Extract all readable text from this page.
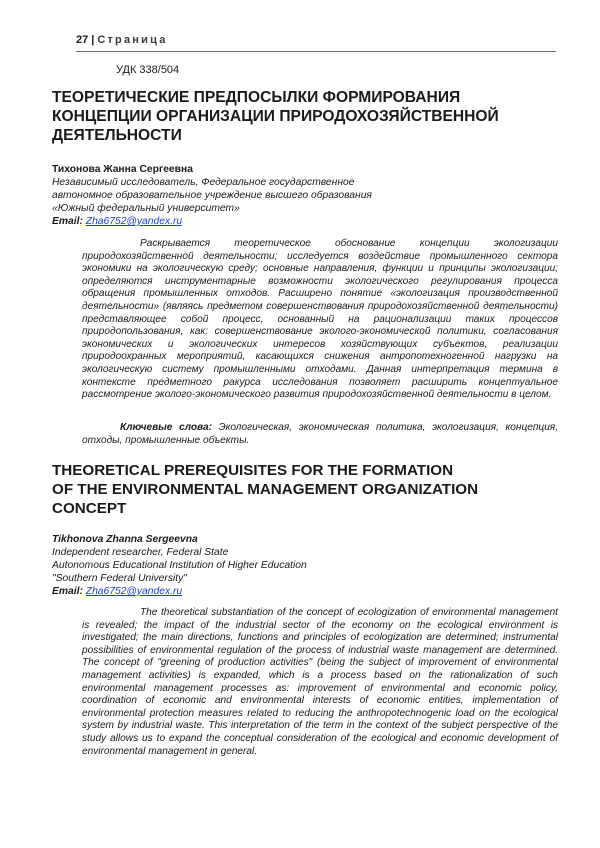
27 | Страница
УДК 338/504
ТЕОРЕТИЧЕСКИЕ ПРЕДПОСЫЛКИ ФОРМИРОВАНИЯ
КОНЦЕПЦИИ ОРГАНИЗАЦИИ ПРИРОДОХОЗЯЙСТВЕННОЙ
ДЕЯТЕЛЬНОСТИ
Тихонова Жанна Сергеевна
Независимый исследователь, Федеральное государственное
автономное образовательное учреждение высшего образования
«Южный федеральный университет»
Email: Zha6752@yandex.ru

Раскрывается теоретическое обоснование концепции экологизации природохозяйственной деятельности; исследуется воздействие промышленного сектора экономики на экологическую среду; основные направления, функции и принципы экологизации; определяются инструментарные возможности экологического регулирования процесса обращения промышленных отходов. Расширено понятие «экологизация производственной деятельности» (являясь предметом совершенствования природохозяйственной деятельности) представляющее собой процесс, основанный на рационализации таких процессов природопользования, как: совершенствование эколого-экономической политики, согласования экономических и экологических интересов хозяйствующих субъектов, реализации природоохранных мероприятий, касающихся снижения антропотехногенной нагрузки на экологическую систему промышленными отходами. Данная интерпретация термина в контексте предметного ракурса исследования позволяет расширить концептуальное рассмотрение эколого-экономического развития природохозяйственной деятельности в целом.

Ключевые слова: Экологическая, экономическая политика, экологизация, концепция, отходы, промышленные объекты.

THEORETICAL PREREQUISITES FOR THE FORMATION
OF THE ENVIRONMENTAL MANAGEMENT ORGANIZATION
CONCEPT
Tikhonova Zhanna Sergeevna
Independent researcher, Federal State
Autonomous Educational Institution of Higher Education
"Southern Federal University"
Email: Zha6752@yandex.ru

The theoretical substantiation of the concept of ecologization of environmental management is revealed; the impact of the industrial sector of the economy on the ecological environment is investigated; the main directions, functions and principles of ecologization are determined; instrumental possibilities of environmental regulation of the process of industrial waste management are determined. The concept of "greening of production activities" (being the subject of improvement of environmental management activities) is expanded, which is a process based on the rationalization of such environmental management processes as: improvement of environmental and economic policy, coordination of economic and environmental interests of economic entities, implementation of environmental protection measures related to reducing the anthropotechnogenic load on the ecological system by industrial waste. This interpretation of the term in the context of the subject perspective of the study allows us to expand the conceptual consideration of the ecological and economic development of environmental management in general.
